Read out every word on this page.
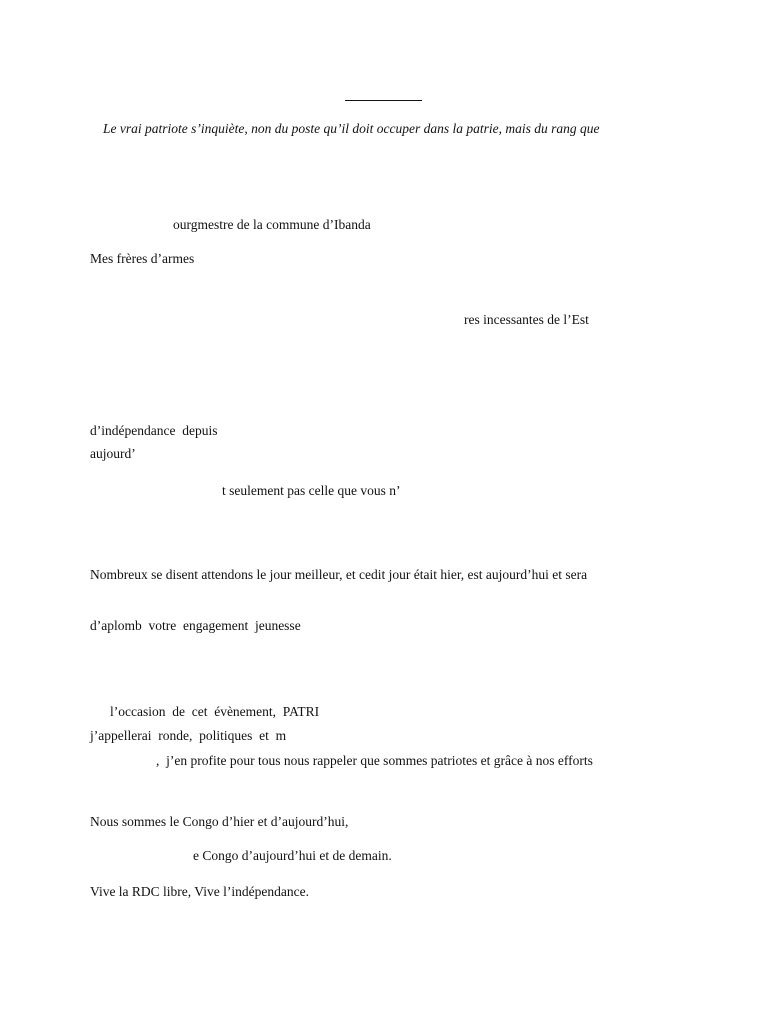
Le vrai patriote s’inquiète, non du poste qu’il doit occuper dans la patrie, mais du rang que
ourgmestre de la commune d’Ibanda
Mes frères d’armes
res incessantes de l’Est
d’indépendance  depuis
aujourd’
t seulement pas celle que vous n’
Nombreux se disent attendons le jour meilleur, et cedit jour était hier, est aujourd’hui et sera
d’aplomb  votre  engagement  jeunesse
l’occasion  de  cet  évènement,  PATRI
j’appellerai  ronde,  politiques  et  m
,  j’en profite pour tous nous rappeler que sommes patriotes et grâce à nos efforts
Nous sommes le Congo d’hier et d’aujourd’hui,
e Congo d’aujourd’hui et de demain.
Vive la RDC libre, Vive l’indépendance.
